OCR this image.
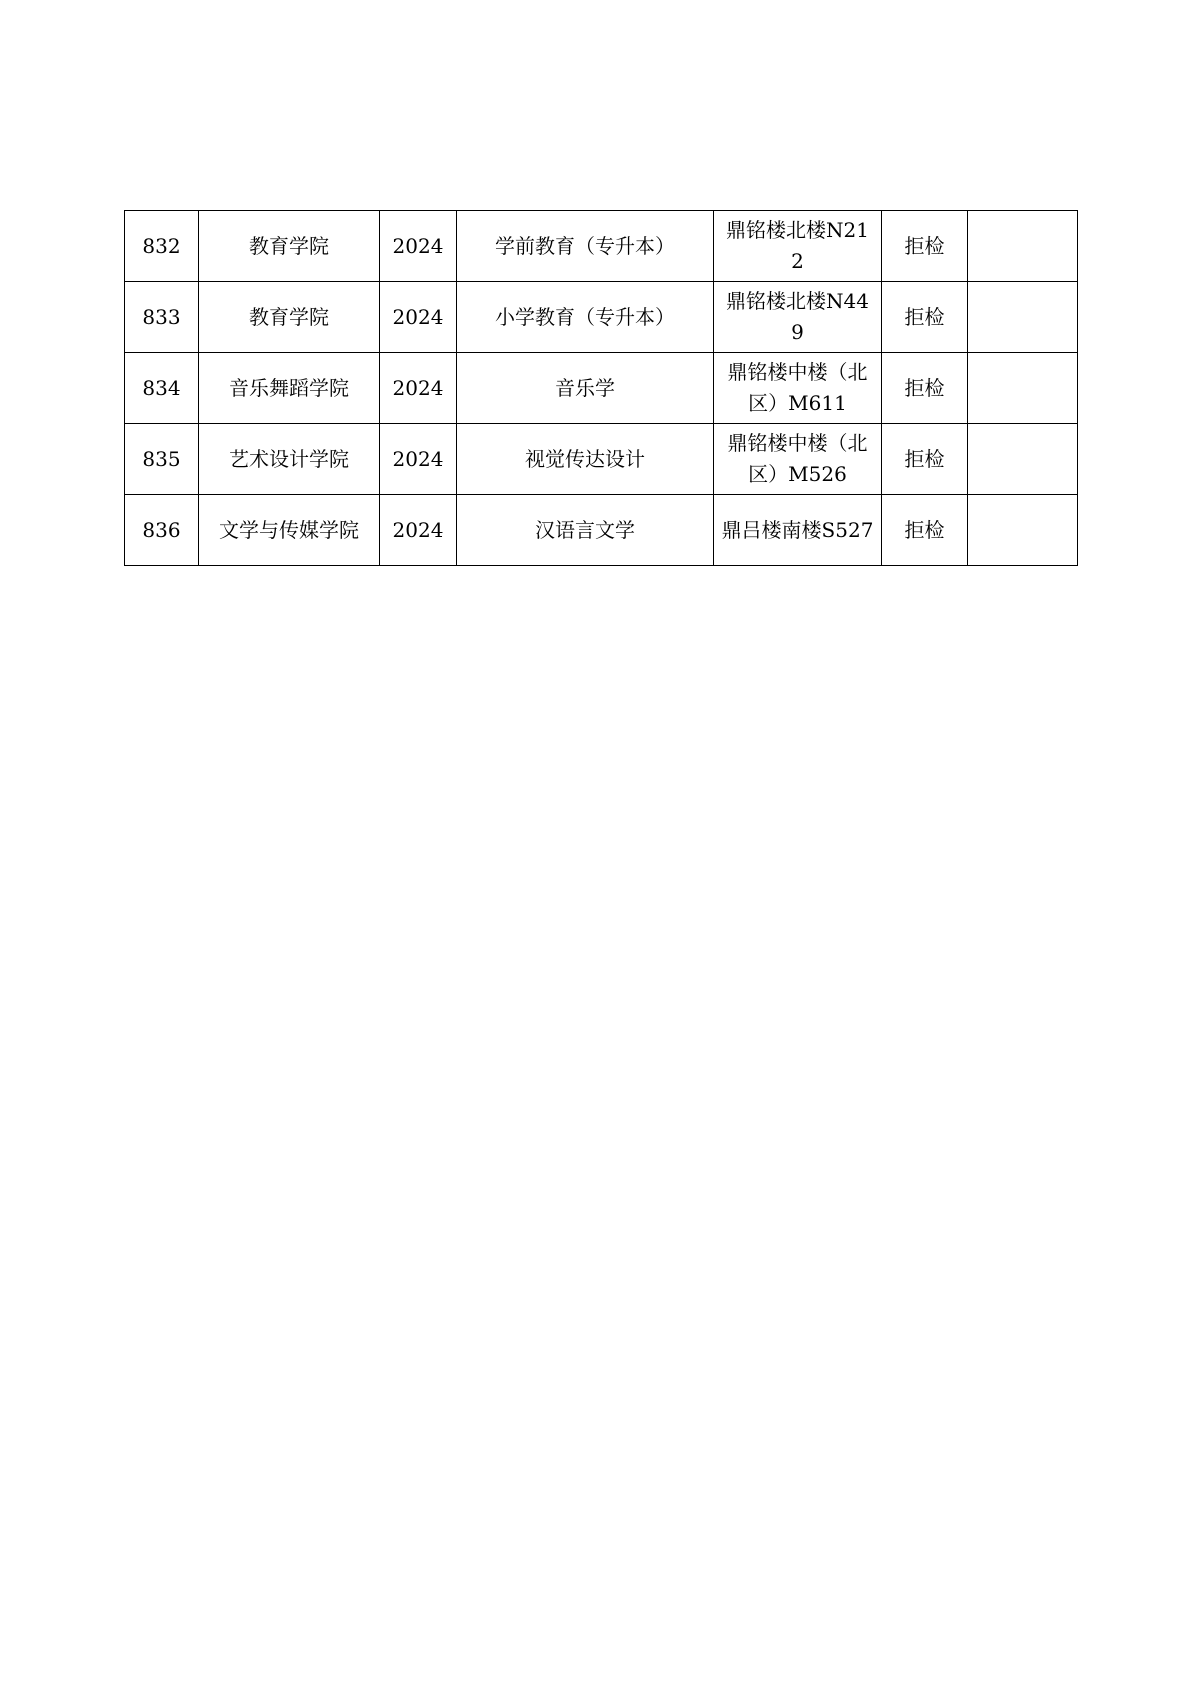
832	教育学院	2024	学前教育（专升本）	鼎铭楼北楼N212	拒检	
833	教育学院	2024	小学教育（专升本）	鼎铭楼北楼N449	拒检	
834	音乐舞蹈学院	2024	音乐学	鼎铭楼中楼（北区）M611	拒检	
835	艺术设计学院	2024	视觉传达设计	鼎铭楼中楼（北区）M526	拒检	
836	文学与传媒学院	2024	汉语言文学	鼎吕楼南楼S527	拒检	
